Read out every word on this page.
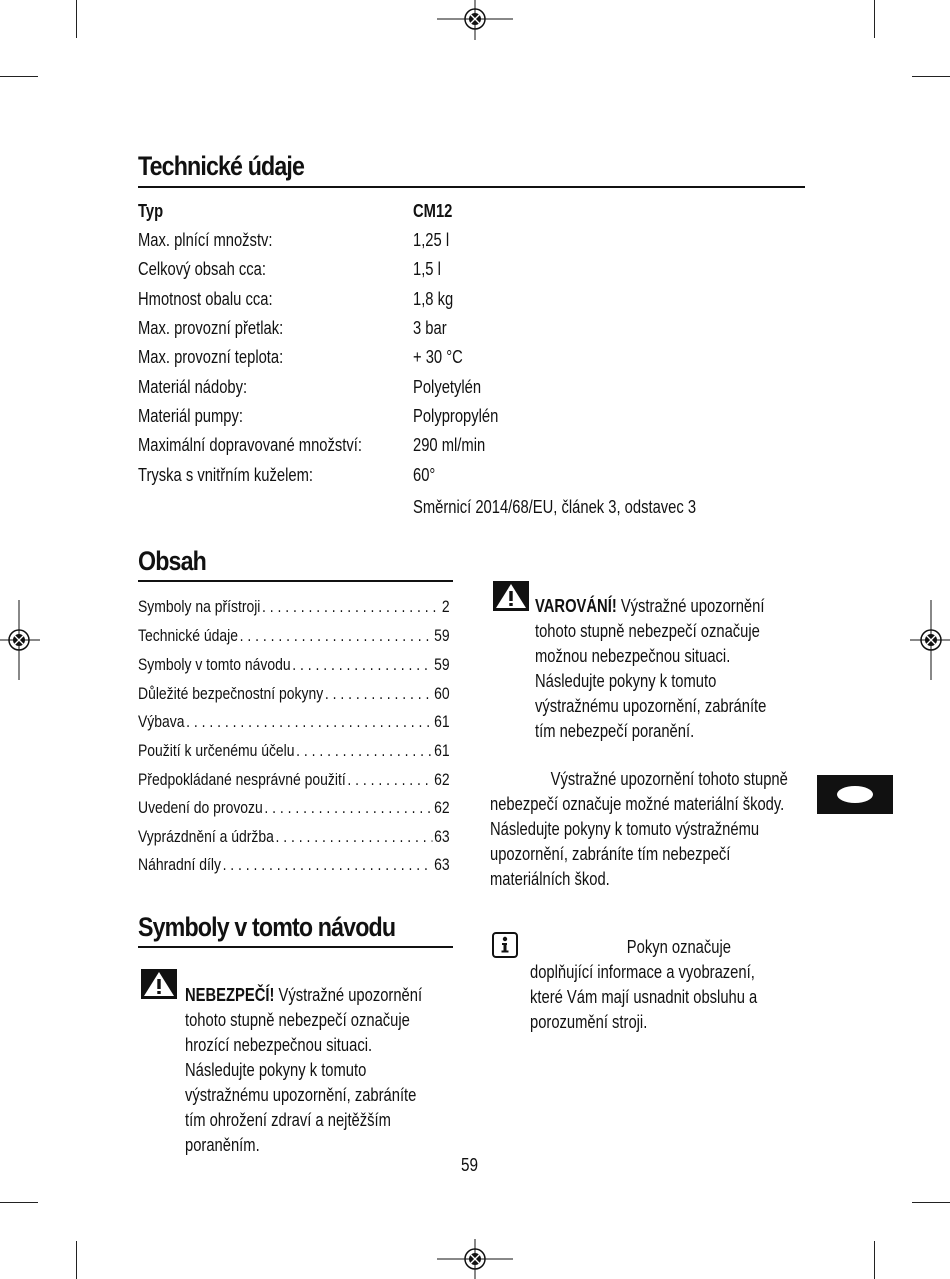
Technické údaje
Typ	CM12
Max. plnící množstv:	1,25 l
Celkový obsah cca:	1,5 l
Hmotnost obalu cca:	1,8 kg
Max. provozní přetlak:	3 bar
Max. provozní teplota:	+ 30 °C
Materiál nádoby:	Polyetylén
Materiál pumpy:	Polypropylén
Maximální dopravované množství:	290 ml/min
Tryska s vnitřním kuželem:	60°
Směrnicí 2014/68/EU, článek 3, odstavec 3
Obsah
Symboly na přístroji . . .	2
Technické údaje . . .	59
Symboly v tomto návodu . . .	59
Důležité bezpečnostní pokyny . . .	60
Výbava . . .	61
Použití k určenému účelu . . .	61
Předpokládané nesprávné použití . . .	62
Uvedení do provozu . . .	62
Vyprázdnění a údržba . . .	63
Náhradní díly . . .	63
Symboly v tomto návodu
NEBEZPEČÍ! Výstražné upozornění
tohoto stupně nebezpečí označuje
hrozící nebezpečnou situaci.
Následujte pokyny k tomuto
výstražnému upozornění, zabráníte
tím ohrožení zdraví a nejtěžším
poraněním.
VAROVÁNÍ! Výstražné upozornění
tohoto stupně nebezpečí označuje
možnou nebezpečnou situaci.
Následujte pokyny k tomuto
výstražnému upozornění, zabráníte
tím nebezpečí poranění.
Výstražné upozornění tohoto stupně
nebezpečí označuje možné materiální škody.
Následujte pokyny k tomuto výstražnému
upozornění, zabráníte tím nebezpečí
materiálních škod.
Pokyn označuje
doplňující informace a vyobrazení,
které Vám mají usnadnit obsluhu a
porozumění stroji.
59
